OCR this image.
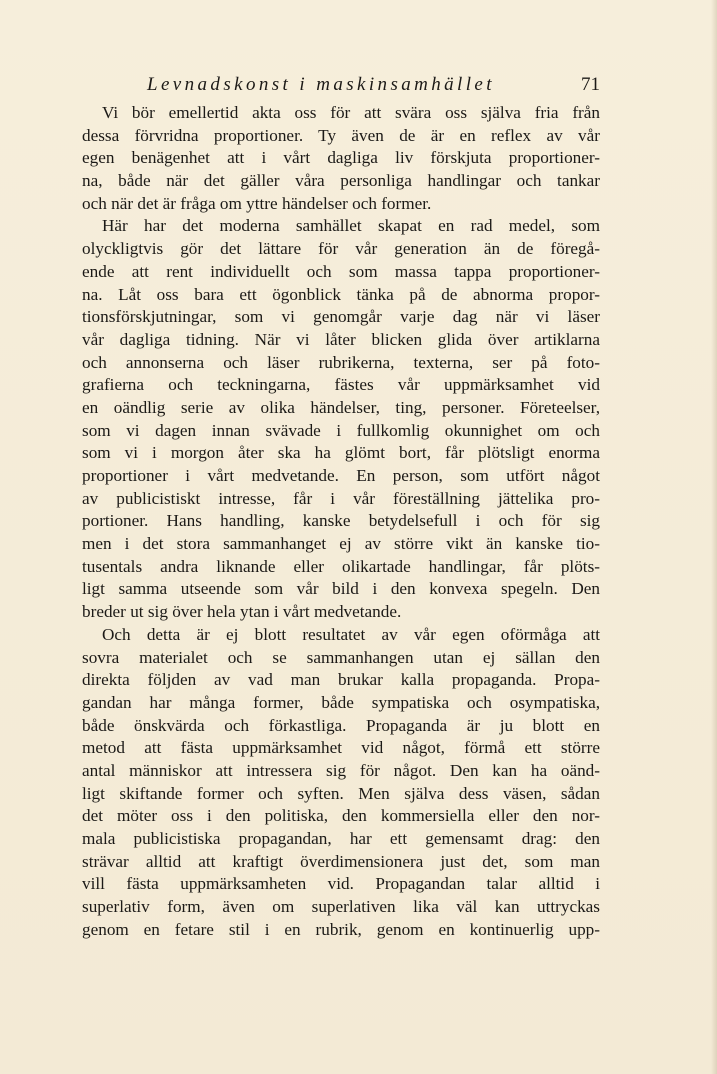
Levnadskonst i maskinsamhället	71
Vi bör emellertid akta oss för att svära oss själva fria från
dessa förvridna proportioner. Ty även de är en reflex av vår
egen benägenhet att i vårt dagliga liv förskjuta proportioner-
na, både när det gäller våra personliga handlingar och tankar
och när det är fråga om yttre händelser och former.
Här har det moderna samhället skapat en rad medel, som
olyckligtvis gör det lättare för vår generation än de föregå-
ende att rent individuellt och som massa tappa proportioner-
na. Låt oss bara ett ögonblick tänka på de abnorma propor-
tionsförskjutningar, som vi genomgår varje dag när vi läser
vår dagliga tidning. När vi låter blicken glida över artiklarna
och annonserna och läser rubrikerna, texterna, ser på foto-
grafierna och teckningarna, fästes vår uppmärksamhet vid
en oändlig serie av olika händelser, ting, personer. Företeelser,
som vi dagen innan svävade i fullkomlig okunnighet om och
som vi i morgon åter ska ha glömt bort, får plötsligt enorma
proportioner i vårt medvetande. En person, som utfört något
av publicistiskt intresse, får i vår föreställning jättelika pro-
portioner. Hans handling, kanske betydelsefull i och för sig
men i det stora sammanhanget ej av större vikt än kanske tio-
tusentals andra liknande eller olikartade handlingar, får plöts-
ligt samma utseende som vår bild i den konvexa spegeln. Den
breder ut sig över hela ytan i vårt medvetande.
Och detta är ej blott resultatet av vår egen oförmåga att
sovra materialet och se sammanhangen utan ej sällan den
direkta följden av vad man brukar kalla propaganda. Propa-
gandan har många former, både sympatiska och osympatiska,
både önskvärda och förkastliga. Propaganda är ju blott en
metod att fästa uppmärksamhet vid något, förmå ett större
antal människor att intressera sig för något. Den kan ha oänd-
ligt skiftande former och syften. Men själva dess väsen, sådan
det möter oss i den politiska, den kommersiella eller den nor-
mala publicistiska propagandan, har ett gemensamt drag: den
strävar alltid att kraftigt överdimensionera just det, som man
vill fästa uppmärksamheten vid. Propagandan talar alltid i
superlativ form, även om superlativen lika väl kan uttryckas
genom en fetare stil i en rubrik, genom en kontinuerlig upp-
